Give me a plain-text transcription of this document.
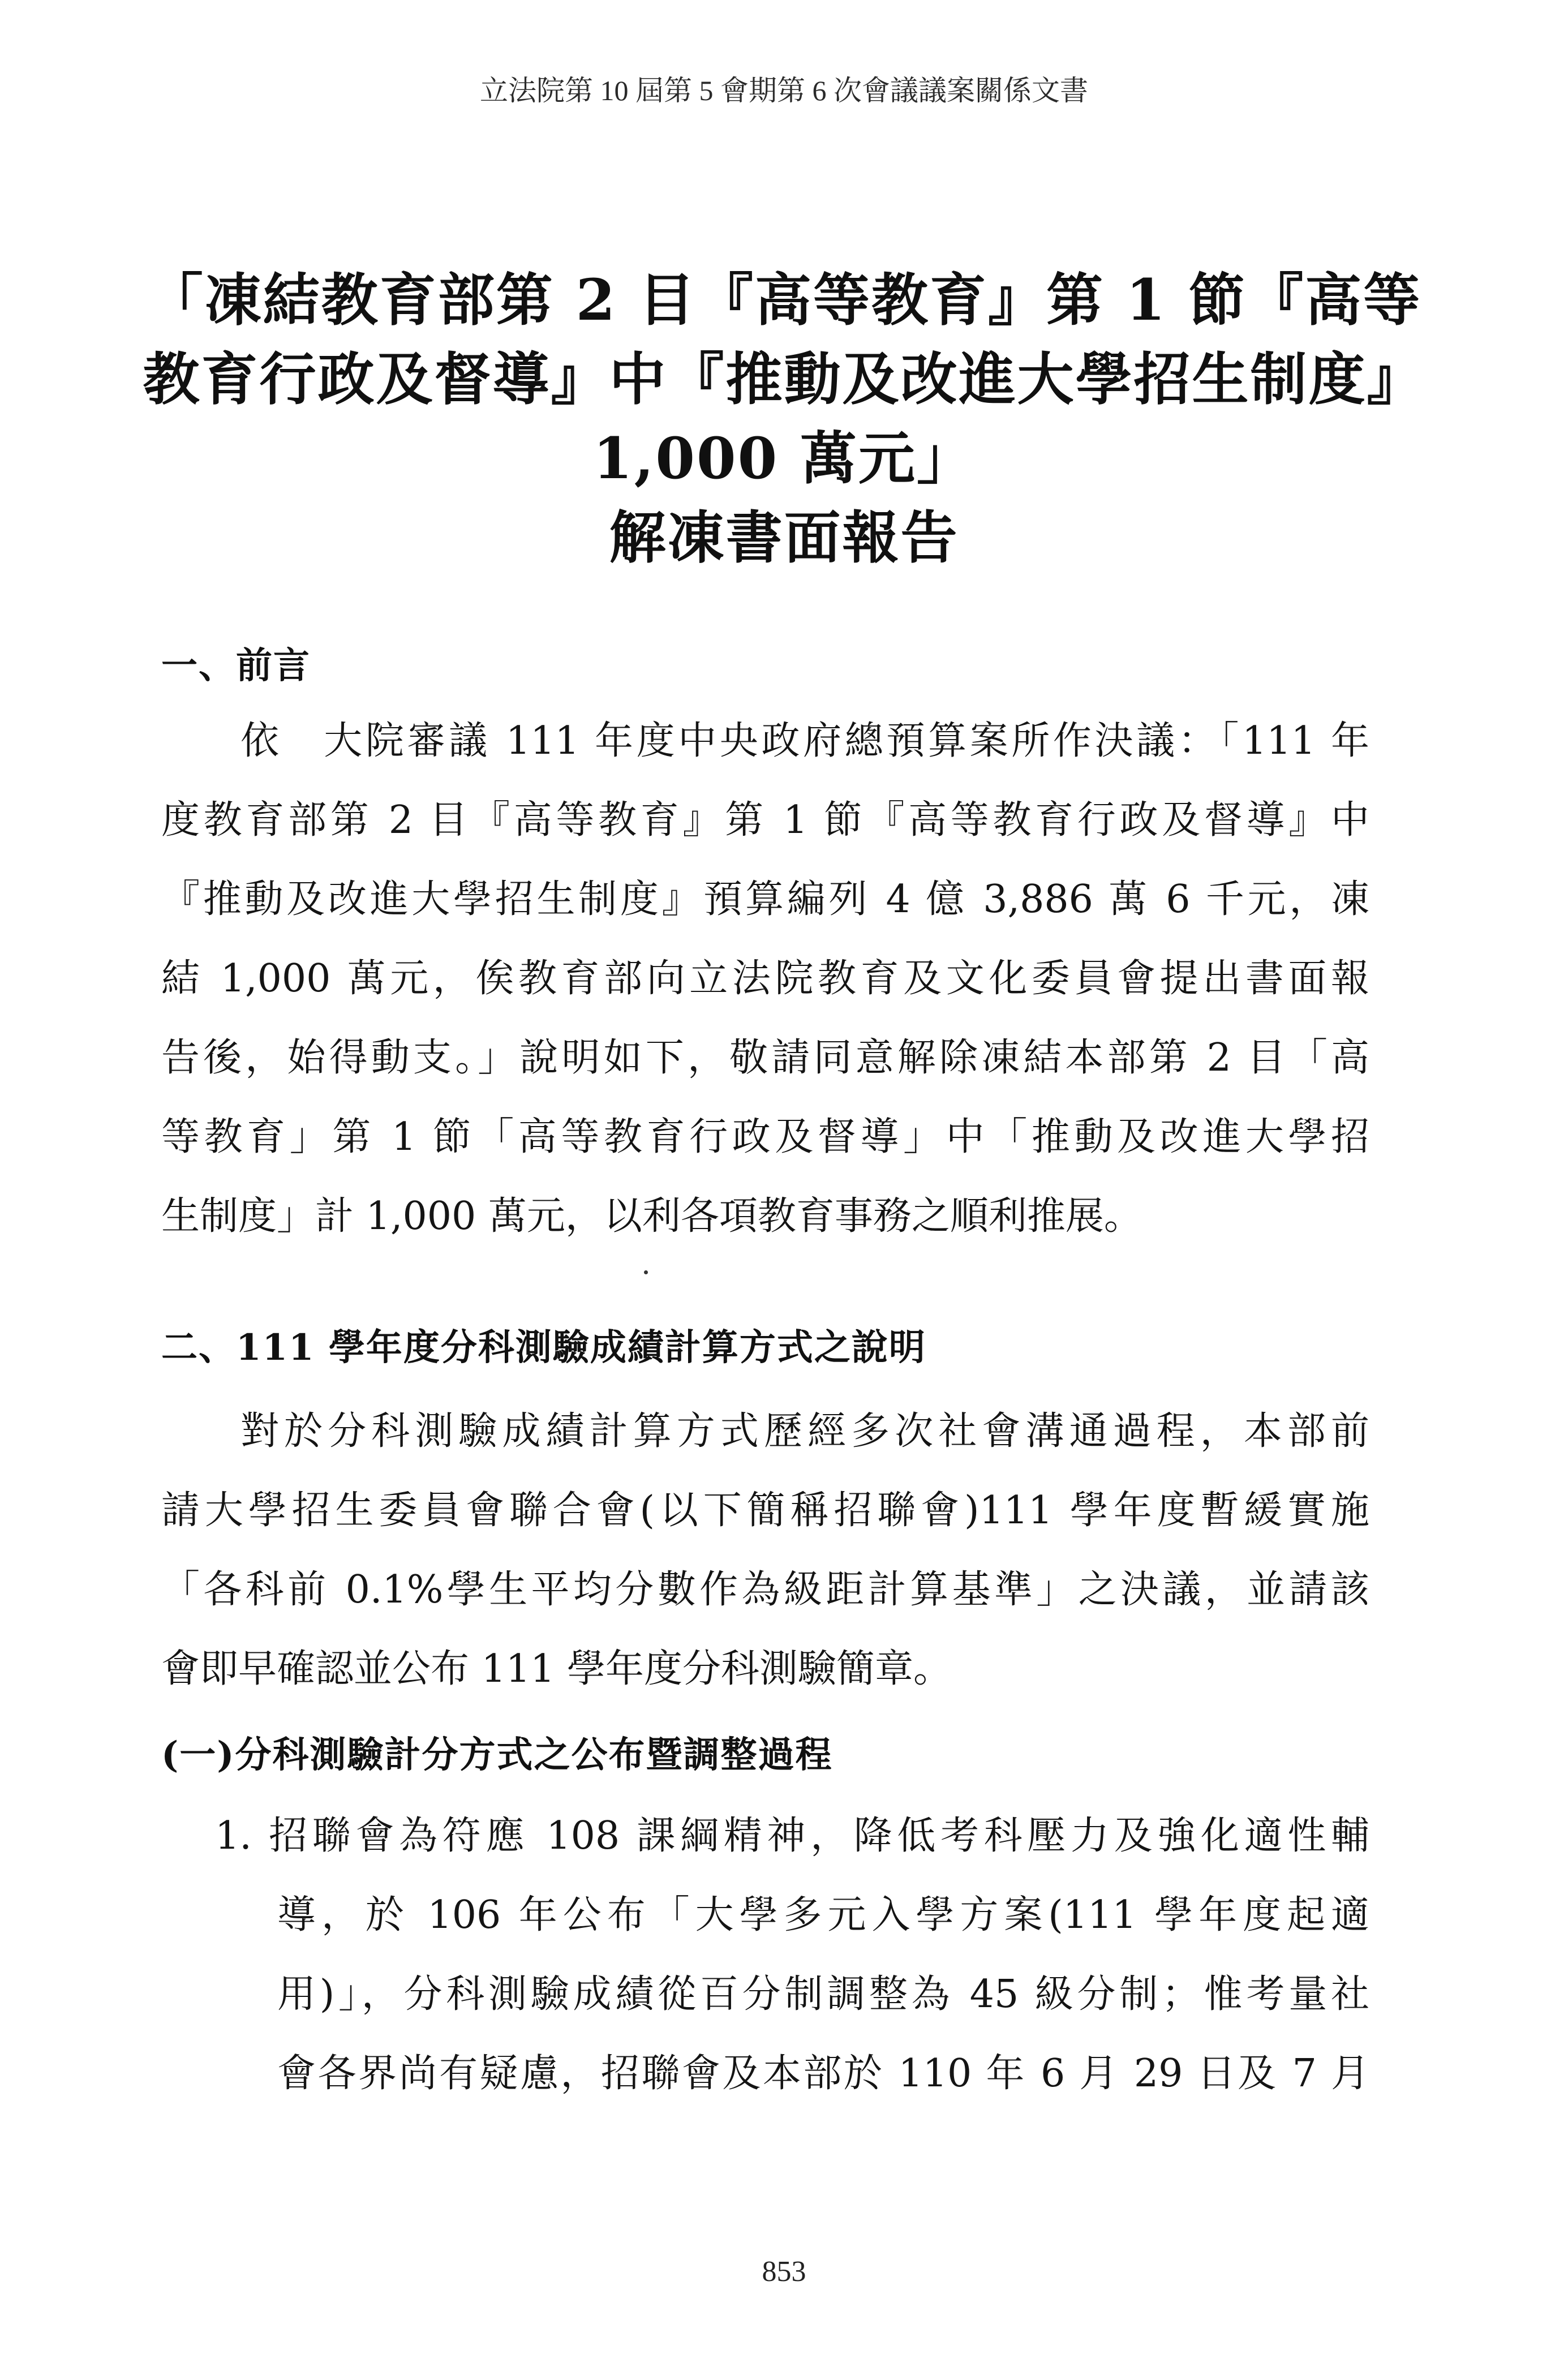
立法院第 10 屆第 5 會期第 6 次會議議案關係文書
「凍結教育部第 2 目『高等教育』第 1 節『高等
教育行政及督導』中『推動及改進大學招生制度』
1,000 萬元」
解凍書面報告
一、前言
依　大院審議 111 年度中央政府總預算案所作決議：「111 年
度教育部第 2 目『高等教育』第 1 節『高等教育行政及督導』中
『推動及改進大學招生制度』預算編列 4 億 3,886 萬 6 千元，凍
結 1,000 萬元，俟教育部向立法院教育及文化委員會提出書面報
告後，始得動支。」說明如下，敬請同意解除凍結本部第 2 目「高
等教育」第 1 節「高等教育行政及督導」中「推動及改進大學招
生制度」計 1,000 萬元，以利各項教育事務之順利推展。
二、111 學年度分科測驗成績計算方式之說明
對於分科測驗成績計算方式歷經多次社會溝通過程，本部前
請大學招生委員會聯合會(以下簡稱招聯會)111 學年度暫緩實施
「各科前 0.1%學生平均分數作為級距計算基準」之決議，並請該
會即早確認並公布 111 學年度分科測驗簡章。
(一)分科測驗計分方式之公布暨調整過程
1. 招聯會為符應 108 課綱精神，降低考科壓力及強化適性輔
導，於 106 年公布「大學多元入學方案(111 學年度起適
用)」，分科測驗成績從百分制調整為 45 級分制；惟考量社
會各界尚有疑慮，招聯會及本部於 110 年 6 月 29 日及 7 月
853
